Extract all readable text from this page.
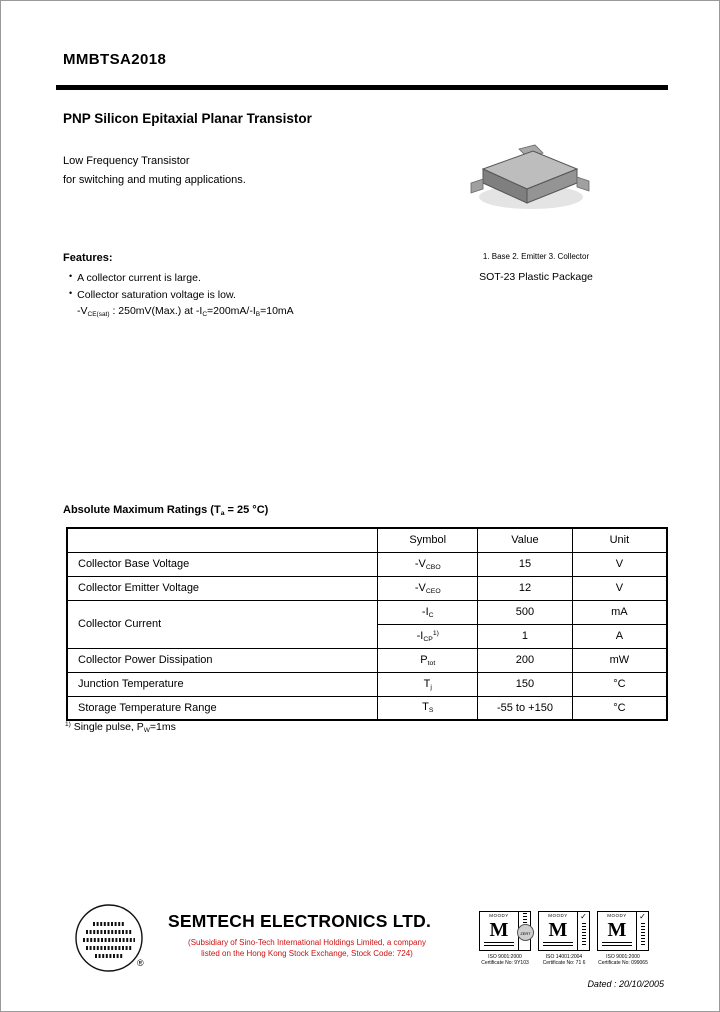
MMBTSA2018
PNP Silicon Epitaxial Planar Transistor
Low Frequency Transistor
for switching and muting applications.
1. Base 2. Emitter 3. Collector
SOT-23 Plastic Package
Features:
• A collector current is large.
• Collector saturation voltage is low.
$-V_{CE(sat)}$ : 250mV(Max.) at $-I_C=200mA/-I_B=10mA$
Absolute Maximum Ratings ($T_a = 25$ °C)
	Symbol	Value	Unit
Collector Base Voltage	$-V_{CBO}$	15	V
Collector Emitter Voltage	$-V_{CEO}$	12	V
Collector Current	$-I_C$	500	mA
	$-I_{CP}^{1)}$	1	A
Collector Power Dissipation	$P_{tot}$	200	mW
Junction Temperature	$T_j$	150	°C
Storage Temperature Range	$T_S$	-55 to +150	°C
$^{1)}$ Single pulse, $P_W=1ms$
®
SEMTECH ELECTRONICS LTD.
(Subsidiary of Sino-Tech International Holdings Limited, a company
listed on the Hong Kong Stock Exchange, Stock Code: 724)
MOODY
M	ZERT
ISO 9001:2000
Certificate No: 9Y103
MOODY
M
✓
ISO 14001:2004
Certificate No: 71 6
MOODY
M
✓
ISO 9001:2000
Certificate No: 099065
Dated : 20/10/2005
